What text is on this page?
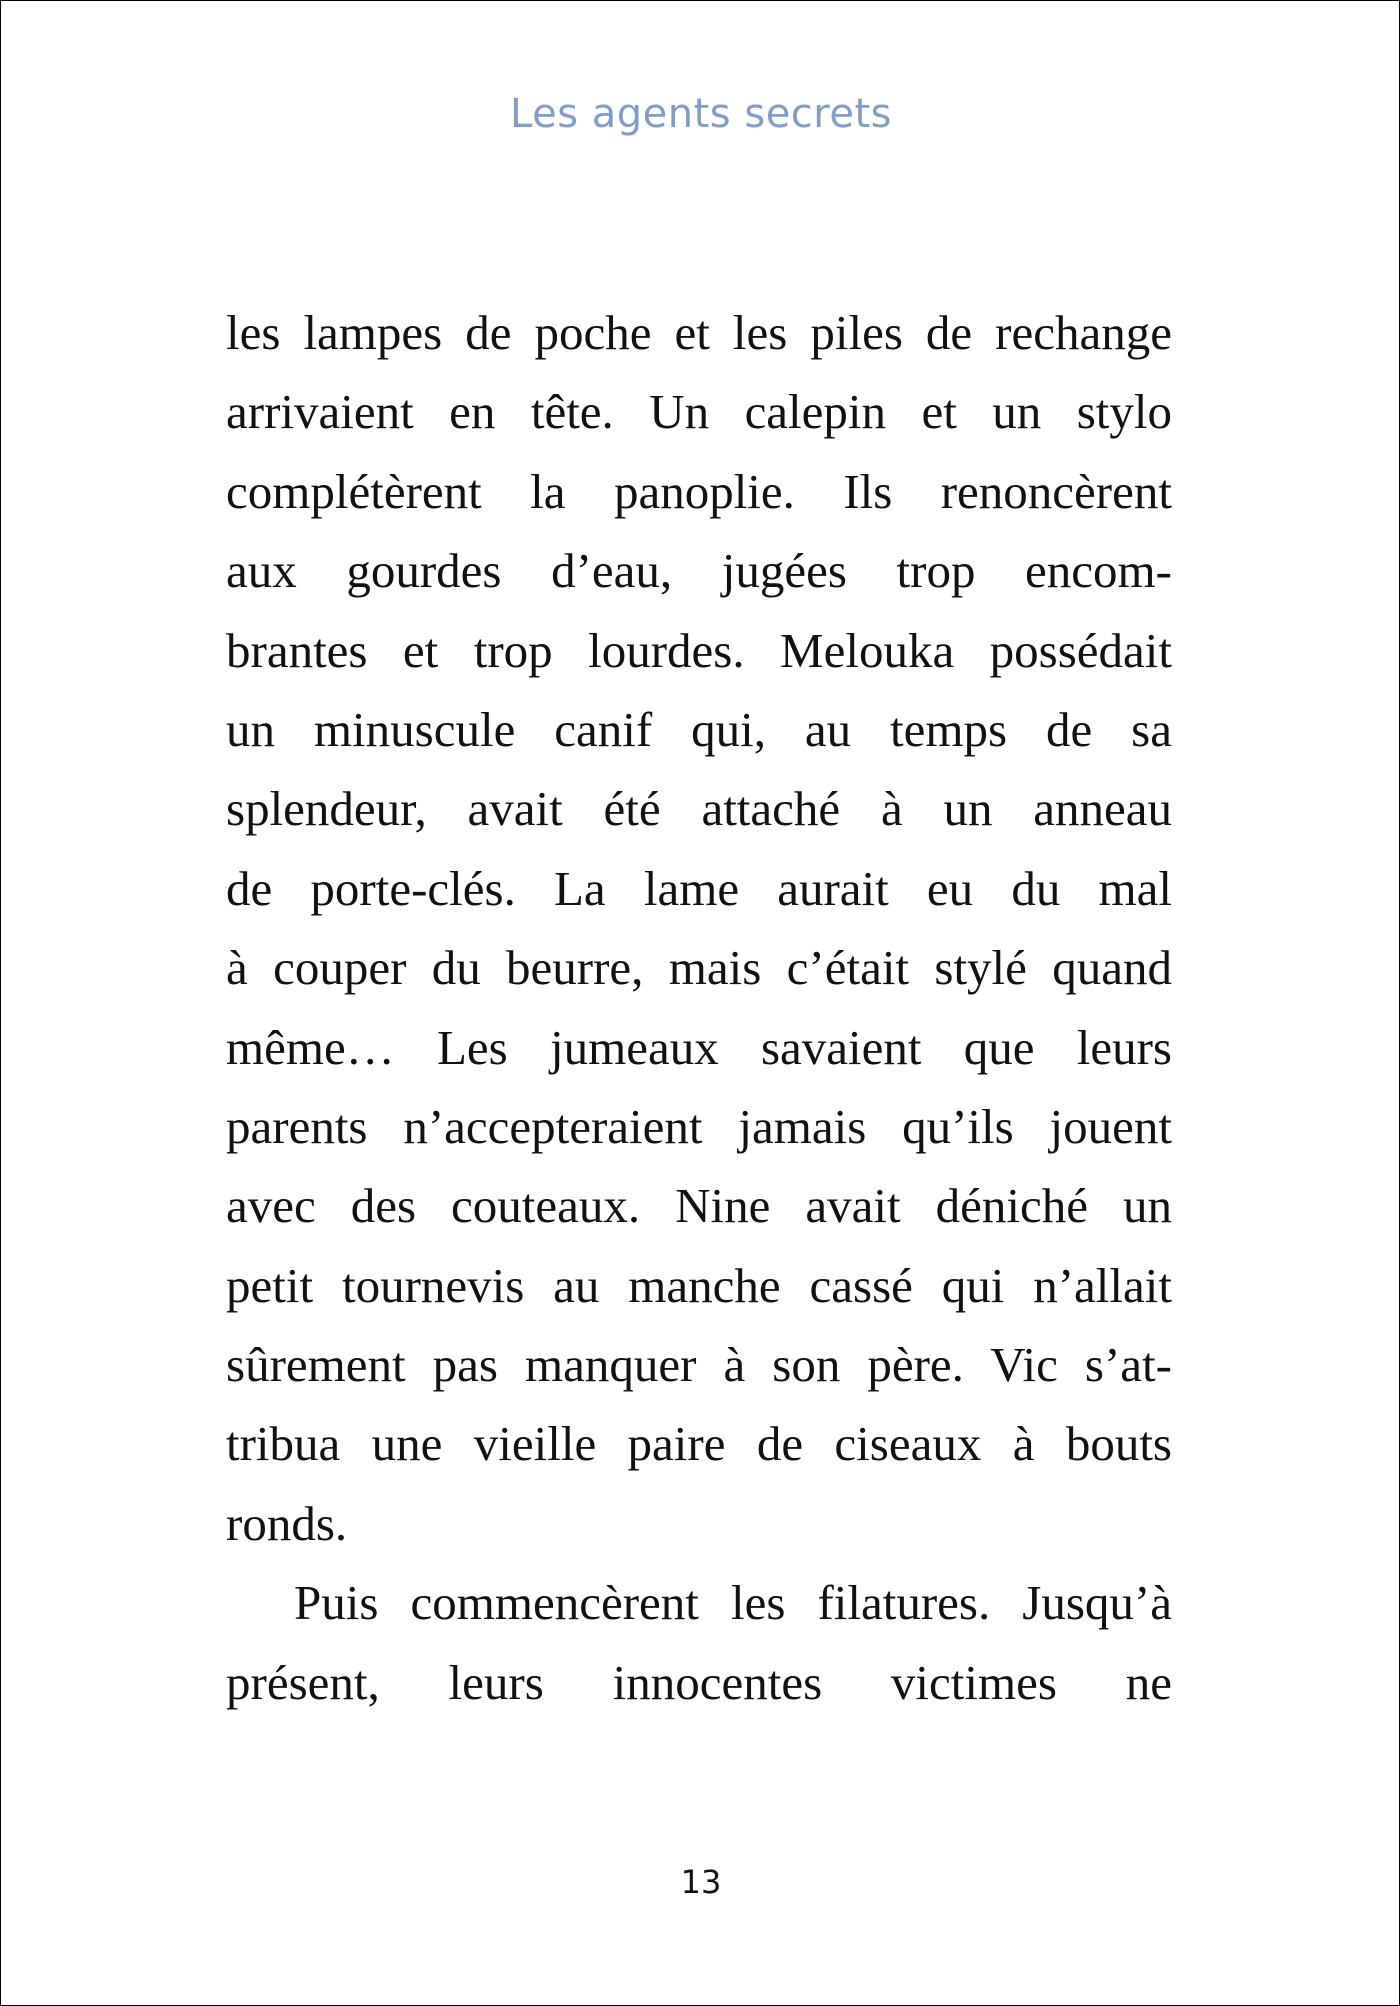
Les agents secrets
les lampes de poche et les piles de rechange
arrivaient en tête. Un calepin et un stylo
complétèrent la panoplie. Ils renoncèrent
aux gourdes d’eau, jugées trop encom-
brantes et trop lourdes. Melouka possédait
un minuscule canif qui, au temps de sa
splendeur, avait été attaché à un anneau
de porte-clés. La lame aurait eu du mal
à couper du beurre, mais c’était stylé quand
même… Les jumeaux savaient que leurs
parents n’accepteraient jamais qu’ils jouent
avec des couteaux. Nine avait déniché un
petit tournevis au manche cassé qui n’allait
sûrement pas manquer à son père. Vic s’at-
tribua une vieille paire de ciseaux à bouts
ronds.
Puis commencèrent les filatures. Jusqu’à
présent, leurs innocentes victimes ne
13
